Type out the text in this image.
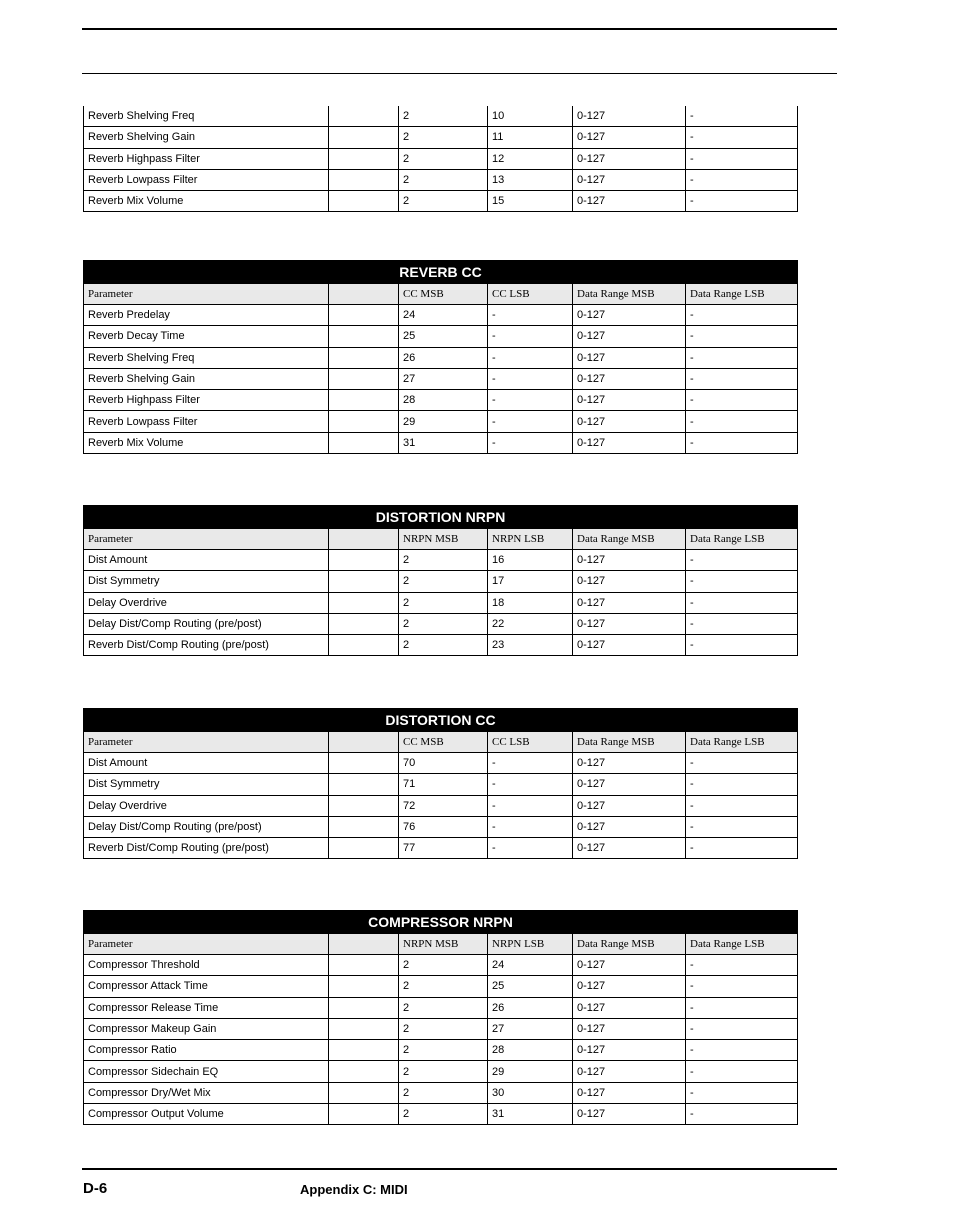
Reverb Shelving Freq		2	10	0-127	-
Reverb Shelving Gain		2	11	0-127	-
Reverb Highpass Filter		2	12	0-127	-
Reverb Lowpass Filter		2	13	0-127	-
Reverb Mix Volume		2	15	0-127	-
REVERB CC					
Parameter		CC MSB	CC LSB	Data Range MSB	Data Range LSB
Reverb Predelay		24	-	0-127	-
Reverb Decay Time		25	-	0-127	-
Reverb Shelving Freq		26	-	0-127	-
Reverb Shelving Gain		27	-	0-127	-
Reverb Highpass Filter		28	-	0-127	-
Reverb Lowpass Filter		29	-	0-127	-
Reverb Mix Volume		31	-	0-127	-
DISTORTION NRPN					
Parameter		NRPN MSB	NRPN LSB	Data Range MSB	Data Range LSB
Dist Amount		2	16	0-127	-
Dist Symmetry		2	17	0-127	-
Delay Overdrive		2	18	0-127	-
Delay Dist/Comp Routing (pre/post)		2	22	0-127	-
Reverb Dist/Comp Routing (pre/post)		2	23	0-127	-
DISTORTION CC					
Parameter		CC MSB	CC LSB	Data Range MSB	Data Range LSB
Dist Amount		70	-	0-127	-
Dist Symmetry		71	-	0-127	-
Delay Overdrive		72	-	0-127	-
Delay Dist/Comp Routing (pre/post)		76	-	0-127	-
Reverb Dist/Comp Routing (pre/post)		77	-	0-127	-
COMPRESSOR NRPN					
Parameter		NRPN MSB	NRPN LSB	Data Range MSB	Data Range LSB
Compressor Threshold		2	24	0-127	-
Compressor Attack Time		2	25	0-127	-
Compressor Release Time		2	26	0-127	-
Compressor Makeup Gain		2	27	0-127	-
Compressor Ratio		2	28	0-127	-
Compressor Sidechain EQ		2	29	0-127	-
Compressor Dry/Wet Mix		2	30	0-127	-
Compressor Output Volume		2	31	0-127	-
D-6	Appendix C: MIDI
